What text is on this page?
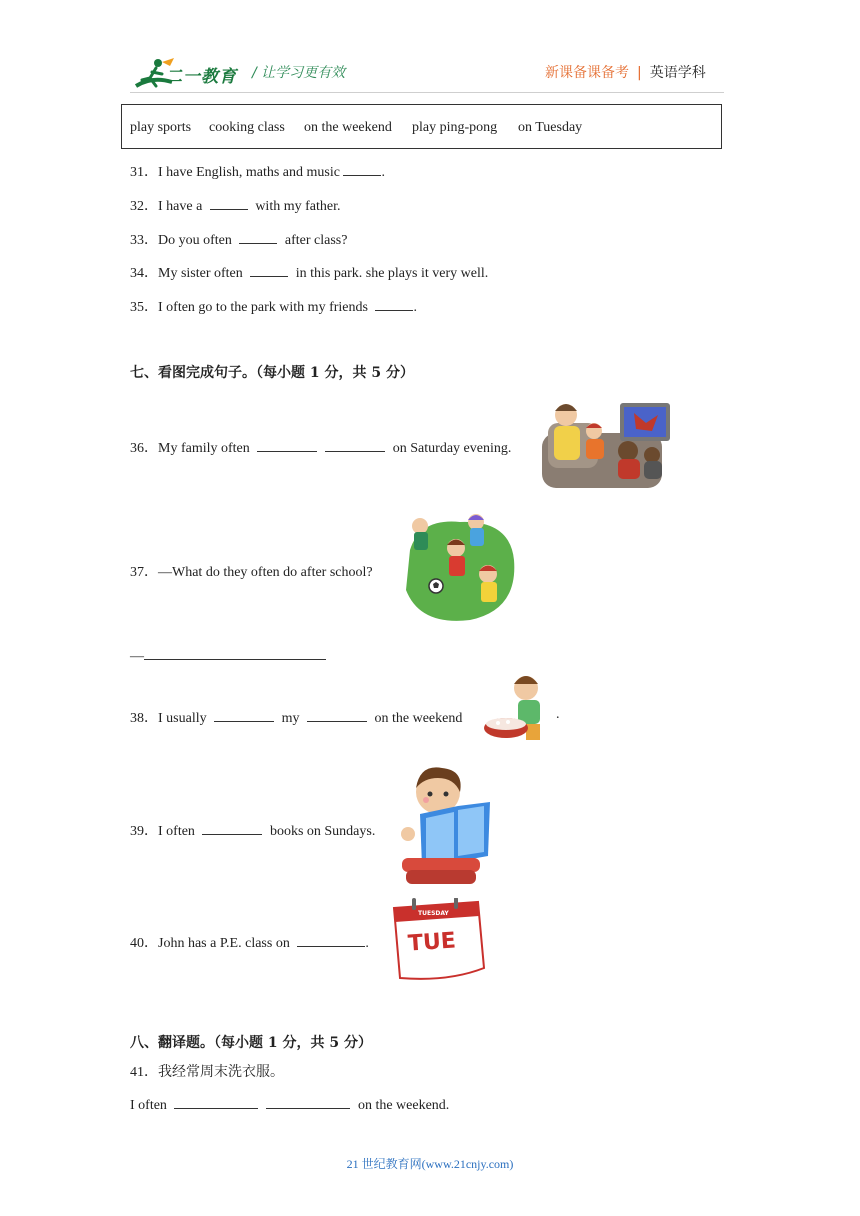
二一教育 / 让学习更有效	新课备课备考 | 英语学科
play sports cooking class on the weekend play ping-pong on Tuesday
31．I have English, maths and music	.
32．I have a	with my father.
33．Do you often	after class?
34．My sister often	in this park. she plays it very well.
35．I often go to the park with my friends	.
七、看图完成句子。（每小题 1 分，共 5 分）
36．My family often	on Saturday evening.
37．—What do they often do after school?
—
38．I usually	my	on the weekend	.
39．I often	books on Sundays.
40．John has a P.E. class on	.
TUESDAY
TUE
八、翻译题。（每小题 1 分，共 5 分）
41．我经常周末洗衣服。
I often	on the weekend.
21 世纪教育网(www.21cnjy.com)
